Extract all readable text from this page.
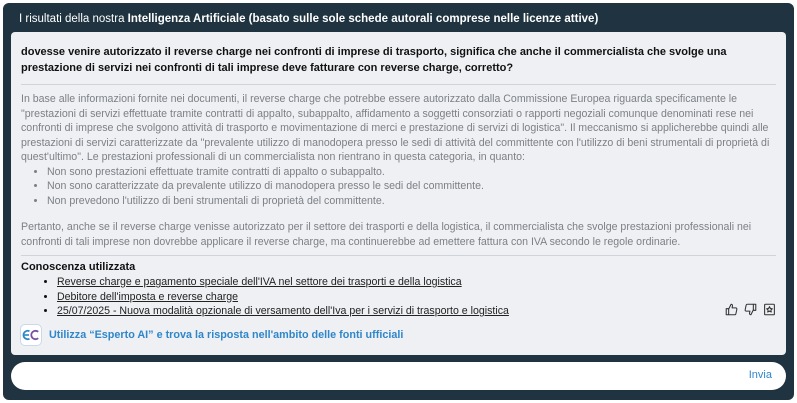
I risultati della nostra Intelligenza Artificiale (basato sulle sole schede autorali comprese nelle licenze attive)

dovesse venire autorizzato il reverse charge nei confronti di imprese di trasporto, significa che anche il commercialista che svolge una prestazione di servizi nei confronti di tali imprese deve fatturare con reverse charge, corretto?

In base alle informazioni fornite nei documenti, il reverse charge che potrebbe essere autorizzato dalla Commissione Europea riguarda specificamente le "prestazioni di servizi effettuate tramite contratti di appalto, subappalto, affidamento a soggetti consorziati o rapporti negoziali comunque denominati rese nei confronti di imprese che svolgono attività di trasporto e movimentazione di merci e prestazione di servizi di logistica". Il meccanismo si applicherebbe quindi alle prestazioni di servizi caratterizzate da "prevalente utilizzo di manodopera presso le sedi di attività del committente con l'utilizzo di beni strumentali di proprietà di quest'ultimo". Le prestazioni professionali di un commercialista non rientrano in questa categoria, in quanto:

• Non sono prestazioni effettuate tramite contratti di appalto o subappalto.
• Non sono caratterizzate da prevalente utilizzo di manodopera presso le sedi del committente.
• Non prevedono l'utilizzo di beni strumentali di proprietà del committente.

Pertanto, anche se il reverse charge venisse autorizzato per il settore dei trasporti e della logistica, il commercialista che svolge prestazioni professionali nei confronti di tali imprese non dovrebbe applicare il reverse charge, ma continuerebbe ad emettere fattura con IVA secondo le regole ordinarie.

Conoscenza utilizzata

• Reverse charge e pagamento speciale dell'IVA nel settore dei trasporti e della logistica
• Debitore dell'imposta e reverse charge
• 25/07/2025 - Nuova modalità opzionale di versamento dell'Iva per i servizi di trasporto e logistica
Utilizza “Esperto AI” e trova la risposta nell'ambito delle fonti ufficiali
Invia
